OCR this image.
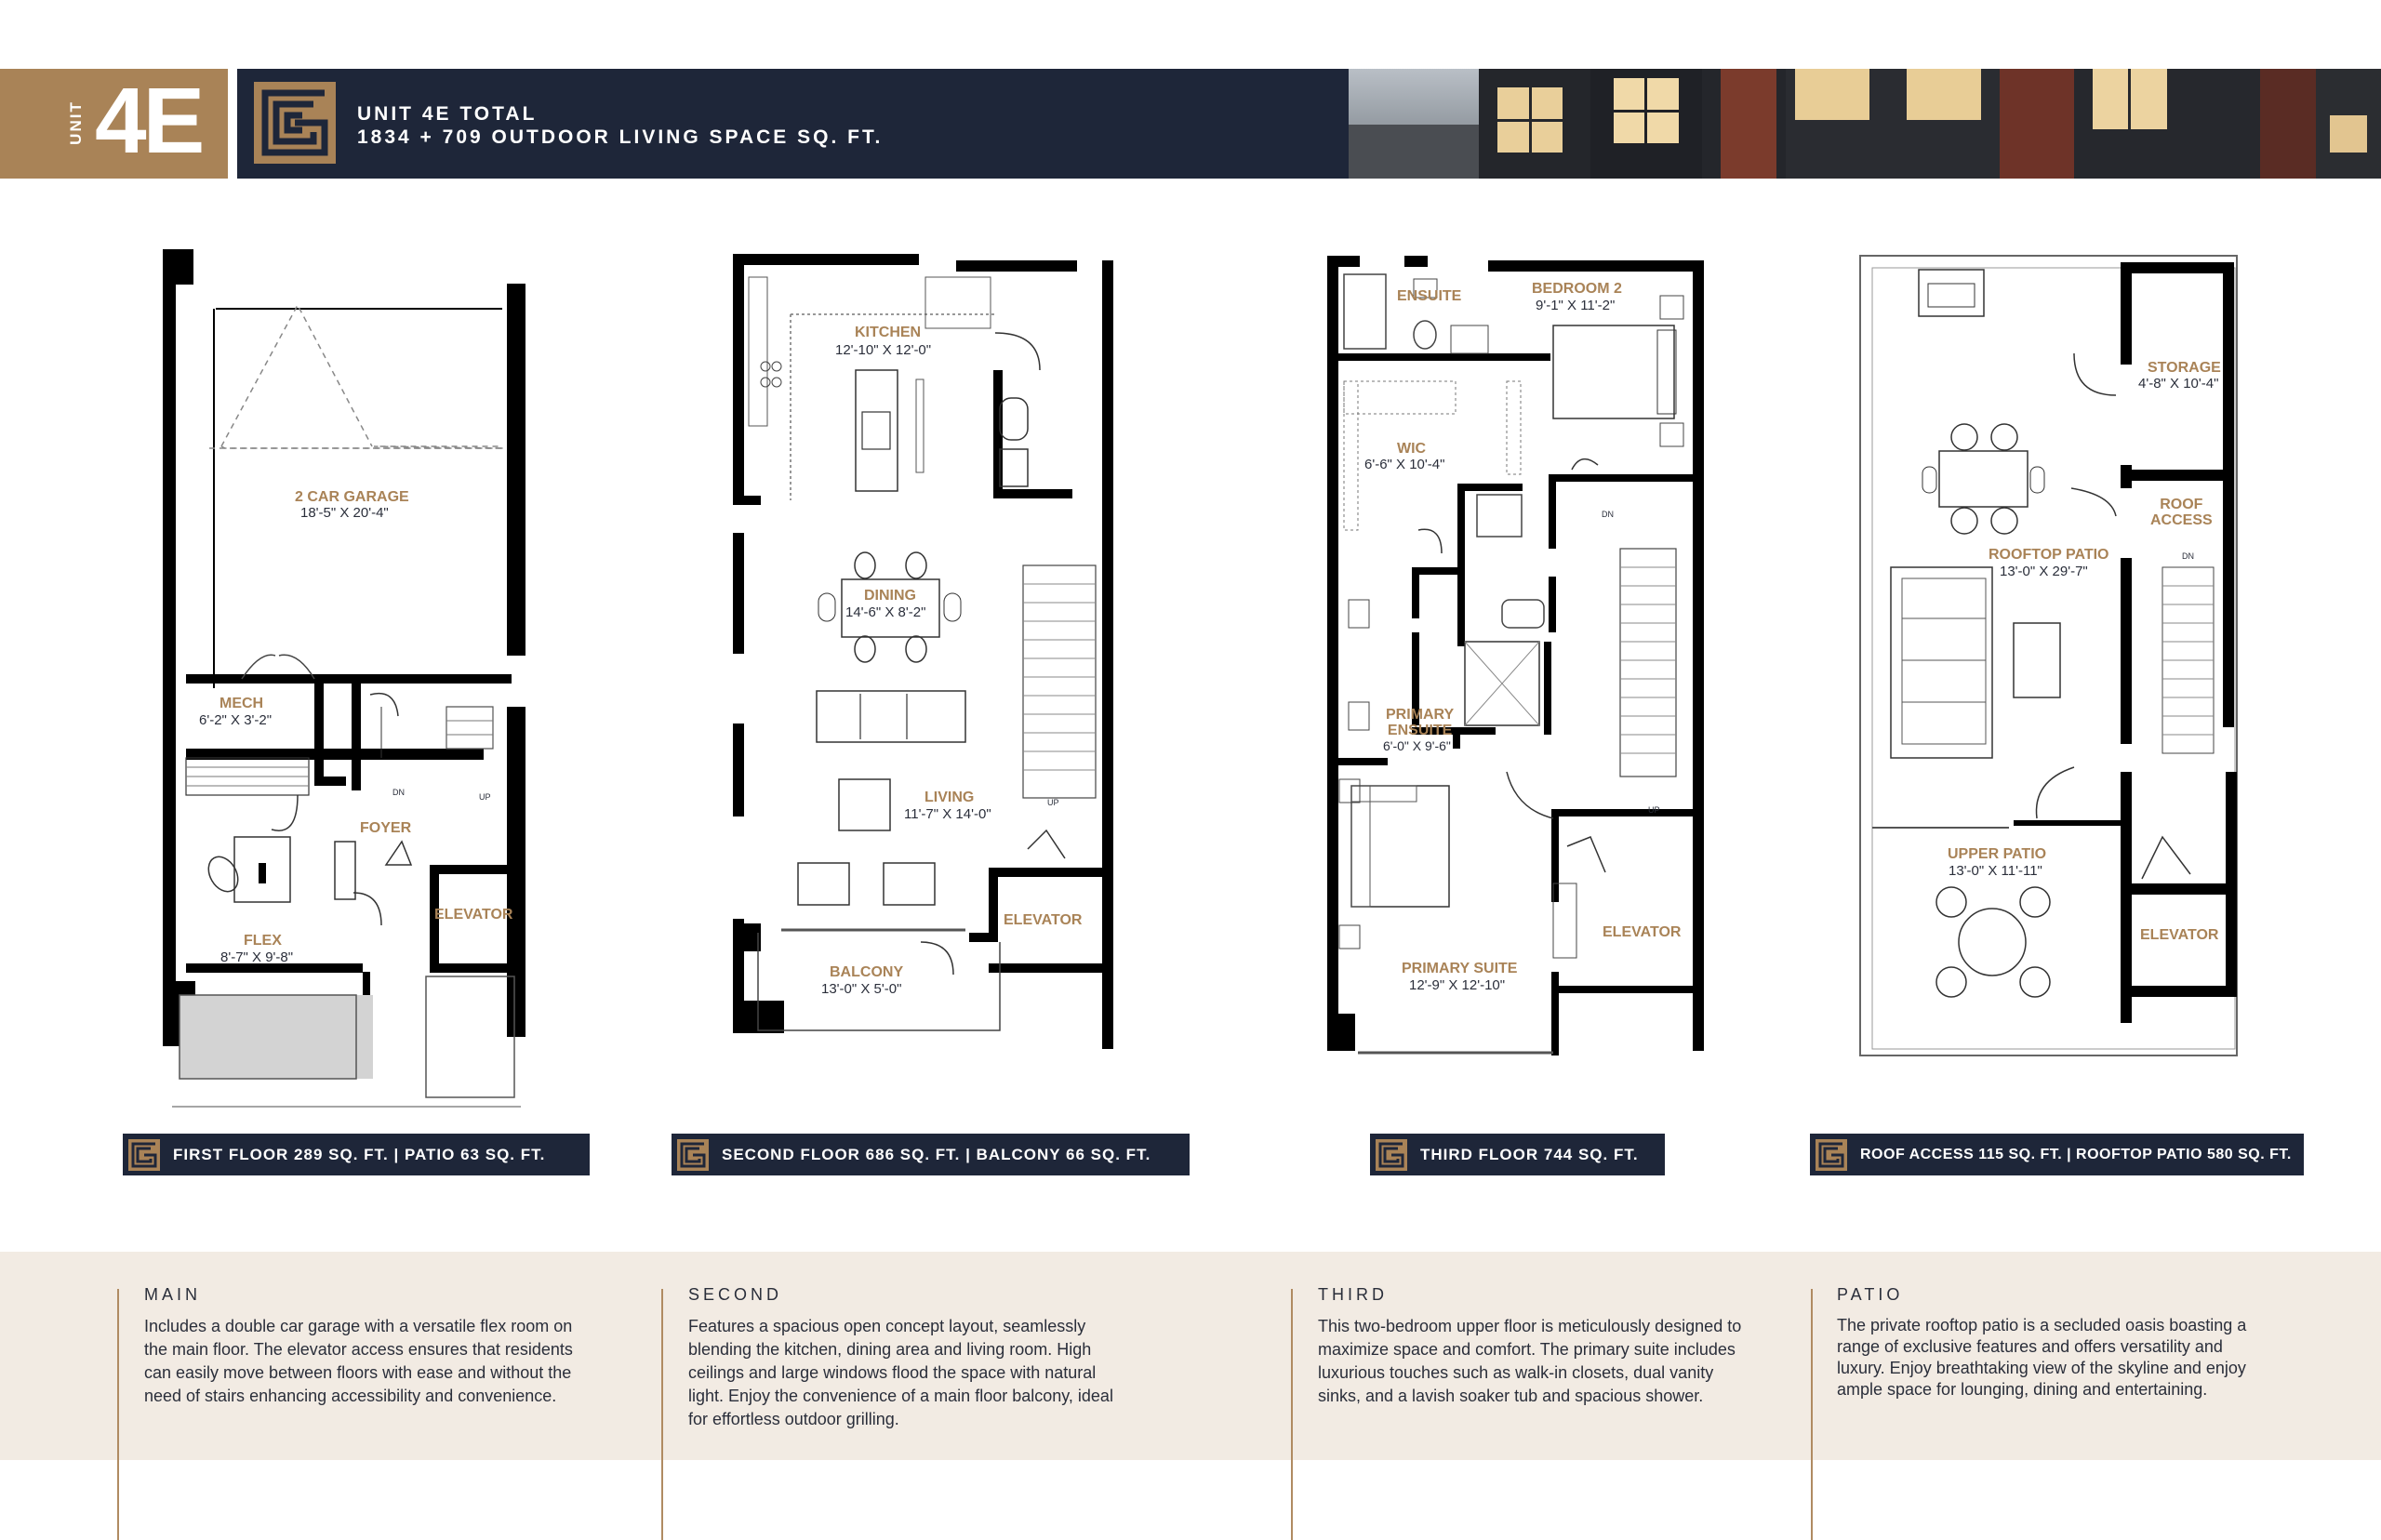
UNIT 4E	UNIT 4E TOTAL
1834 + 709 OUTDOOR LIVING SPACE SQ. FT.
2 CAR GARAGE
18'-5" X 20'-4"
MECH
6'-2" X 3'-2"
FOYER
FLEX
8'-7" X 9'-8"
ELEVATOR
DN	UP
KITCHEN
12'-10" X 12'-0"
DINING
14'-6" X 8'-2"
LIVING
11'-7" X 14'-0"
ELEVATOR
BALCONY
13'-0" X 5'-0"
UP
ENSUITE	BEDROOM 2
9'-1" X 11'-2"
WIC
6'-6" X 10'-4"
PRIMARY
ENSUITE
6'-0" X 9'-6"
PRIMARY SUITE
12'-9" X 12'-10"
ELEVATOR
DN
UP
STORAGE
4'-8" X 10'-4"
ROOF
ACCESS
ROOFTOP PATIO
13'-0" X 29'-7"
UPPER PATIO
13'-0" X 11'-11"
ELEVATOR
DN
FIRST FLOOR 289 SQ. FT. | PATIO 63 SQ. FT.	SECOND FLOOR 686 SQ. FT. | BALCONY 66 SQ. FT.	THIRD FLOOR 744 SQ. FT.	ROOF ACCESS 115 SQ. FT. | ROOFTOP PATIO 580 SQ. FT.
MAIN
Includes a double car garage with a versatile flex room on the main floor. The elevator access ensures that residents can easily move between floors with ease and without the need of stairs enhancing accessibility and convenience.
SECOND
Features a spacious open concept layout, seamlessly blending the kitchen, dining area and living room. High ceilings and large windows flood the space with natural light. Enjoy the convenience of a main floor balcony, ideal for effortless outdoor grilling.
THIRD
This two-bedroom upper floor is meticulously designed to maximize space and comfort. The primary suite includes luxurious touches such as walk-in closets, dual vanity sinks, and a lavish soaker tub and spacious shower.
PATIO
The private rooftop patio is a secluded oasis boasting a range of exclusive features and offers versatility and luxury. Enjoy breathtaking view of the skyline and enjoy ample space for lounging, dining and entertaining.
